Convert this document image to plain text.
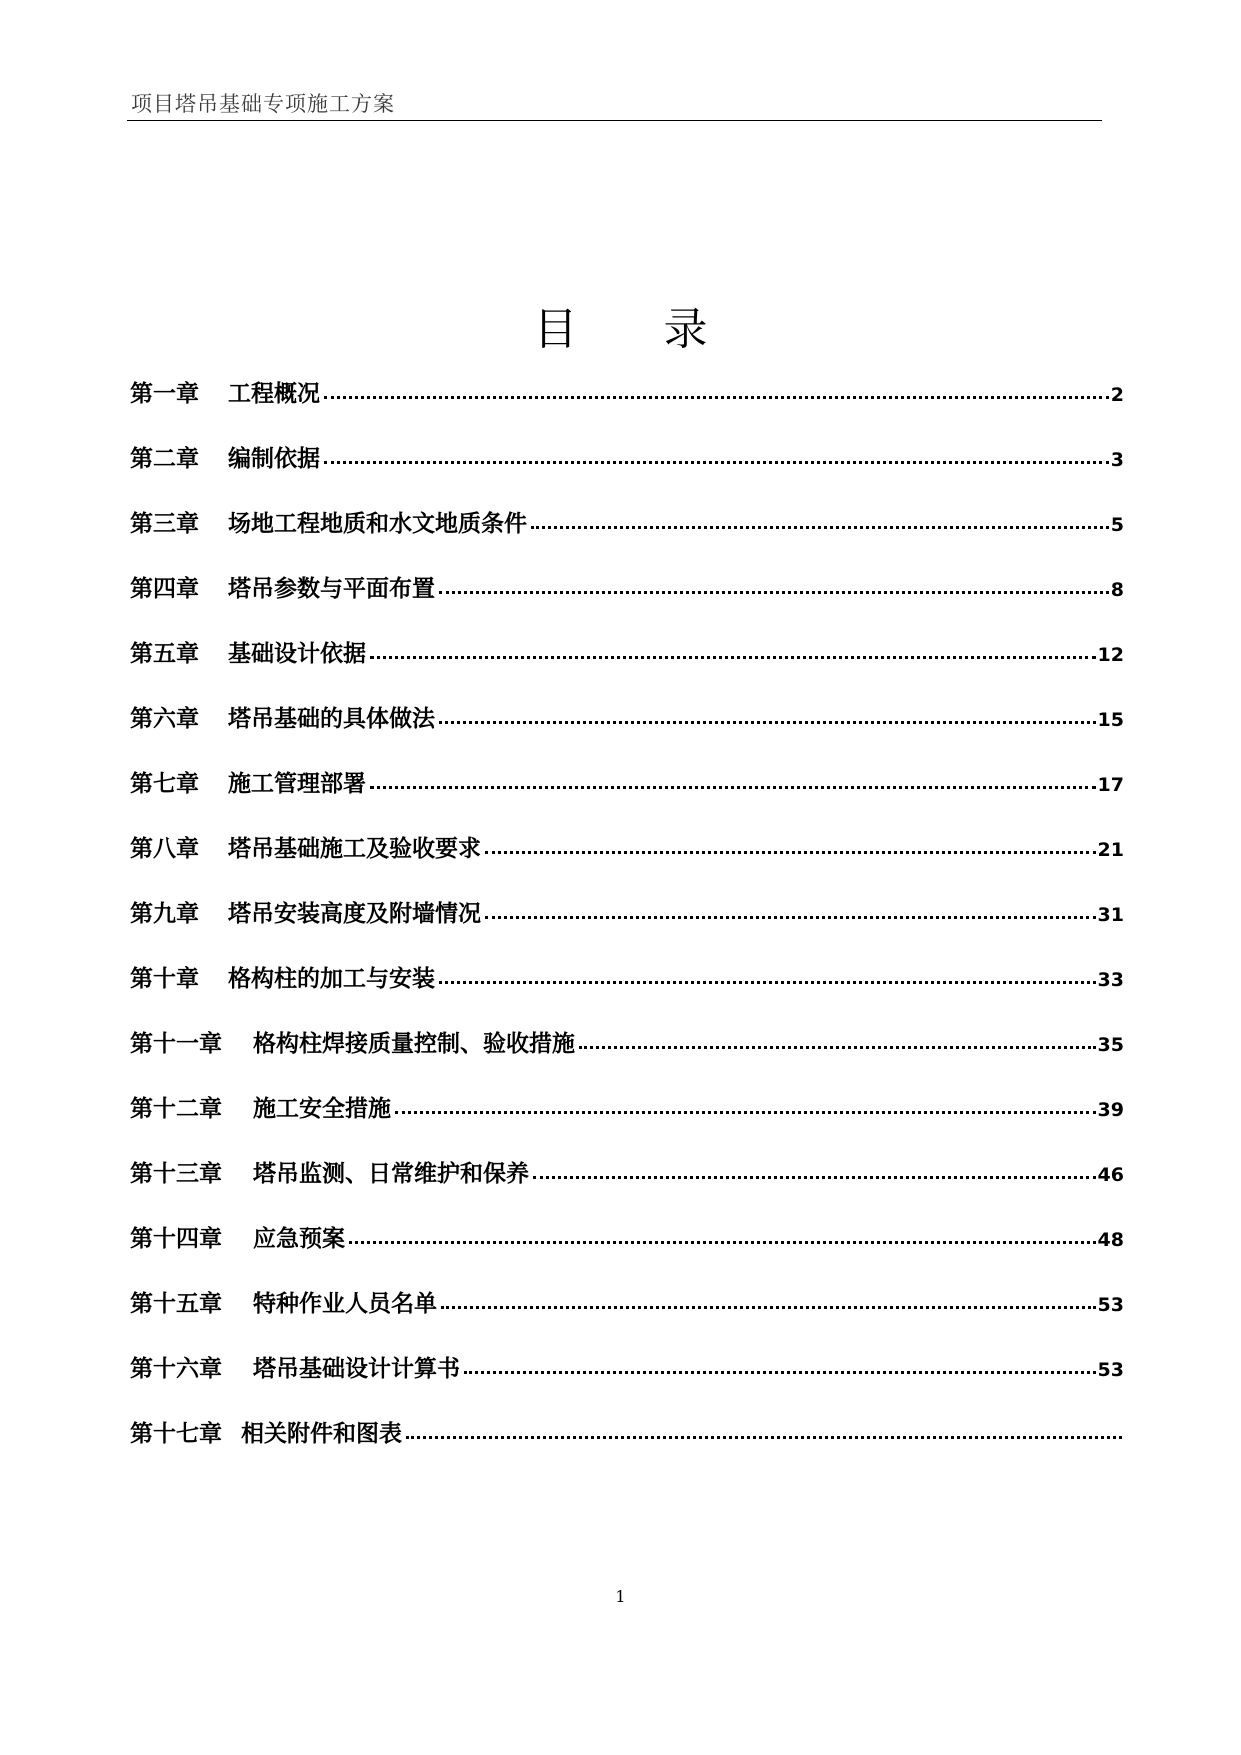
项目塔吊基础专项施工方案
目 录
第一章	工程概况	2
第二章	编制依据	3
第三章	场地工程地质和水文地质条件	5
第四章	塔吊参数与平面布置	8
第五章	基础设计依据	12
第六章	塔吊基础的具体做法	15
第七章	施工管理部署	17
第八章	塔吊基础施工及验收要求	21
第九章	塔吊安装高度及附墙情况	31
第十章	格构柱的加工与安装	33
第十一章	格构柱焊接质量控制、验收措施	35
第十二章	施工安全措施	39
第十三章	塔吊监测、日常维护和保养	46
第十四章	应急预案	48
第十五章	特种作业人员名单	53
第十六章	塔吊基础设计计算书	53
第十七章 相关附件和图表
1
